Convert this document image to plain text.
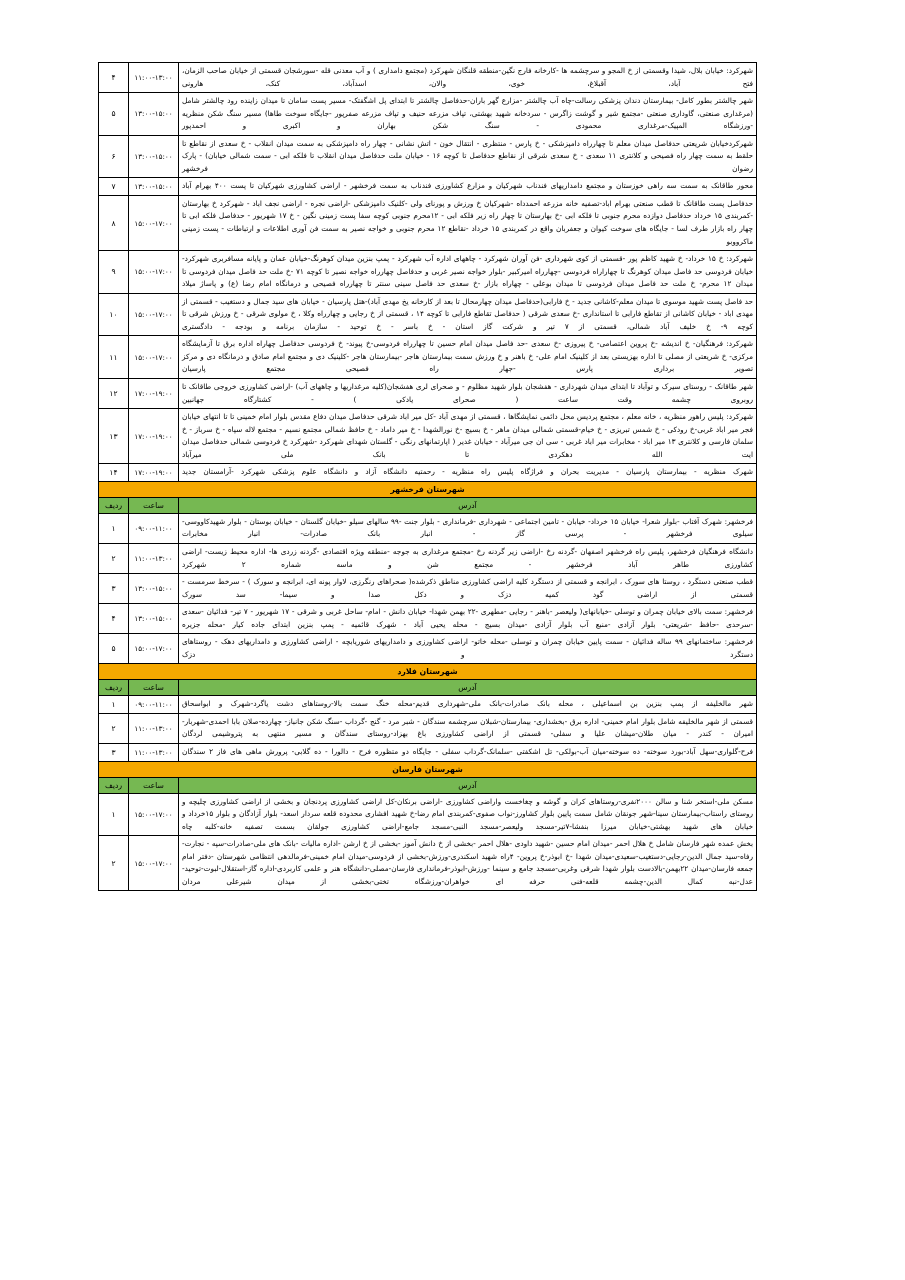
شهرکرد: خیابان بلال، شیدا وقسمتی از خ المجو و سرچشمه ها -کارخانه فارج نگین-منطقه قلنگان شهرکرد (مجتمع دامداری ) و آب معدنی قله -سورشجان قسمتی از خیابان صاحب الزمان، فتح آباد، آقبلاغ، خوی، والان، اسدآباد، کنک، هارونی	۱۱:۰۰-۱۳:۰۰	۴
شهر چالشتر بطور کامل- بیمارستان دندان پزشکی رسالت-چاه آب چالشتر -مزارع گهر باران-حدفاصل چالشتر تا ابتدای پل اشگفتک- مسیر پست سامان تا میدان زاینده رود چالشتر شامل (مرغداری صنعتی، گاوداری صنعتی -مجتمع شیر و گوشت زاگرس - سردخانه شهید بهشتی، تپاف مزرعه حنیف و تپاف مزرعه صفرپور -جایگاه سوخت طاها) مسیر سنگ شکن منظریه -ورزشگاه المپیک-مرغداری محمودی - سنگ شکن بهاران و اکبری و احمدپور	۱۳:۰۰-۱۵:۰۰	۵
شهرکردخیابان شریعتی حدفاصل میدان معلم تا چهارراه دامپزشکی - خ پارس - منتظری - انتقال خون - اتش نشانی - چهار راه دامپزشکی به سمت میدان انقلاب - خ سعدی از نقاطع تا حلقط به سمت چهار راه فصیحی و کلانتری ۱۱ سعدی - خ سعدی شرقی از نقاطع حدفاصل تا کوچه ۱۶ - خیابان ملت حدفاصل میدان انقلاب تا فلکه ابی - سمت شمالی خیابان) - پارک رضوان فرخشهر	۱۳:۰۰-۱۵:۰۰	۶
محور طاقانک به سمت سه راهی خوزستان و مجتمع دامداریهای فندناب شهرکیان و مزارع کشاورزی فندناب به سمت فرخشهر - اراضی کشاورزی شهرکیان تا پست ۴۰۰ بهرام آباد	۱۳:۰۰-۱۵:۰۰	۷
حدفاصل پست طاقانک تا قطب صنعتی بهرام اباد-تصفیه خانه مزرعه احمدداه -شهرکیان خ ورزش و پورنای ولی -کلنیک دامپزشکی -اراضی نجره - اراضی نجف اباد - شهرکرد خ بهارستان -کمربندی ۱۵ خرداد حدفاصل دوازده محرم جنوبی تا فلکه ابی -خ بهارستان تا چهار راه زیر فلکه ابی - ۱۲محرم جنوبی کوچه سفا پست زمینی نگین - خ ۱۷ شهریور - حدفاصل فلکه ابی تا چهار راه بازار طرف لسا - جایگاه های سوخت کیوان و جعفربان واقع در کمربندی ۱۵ خرداد -نقاطع ۱۲ محرم جنوبی و خواجه نصیر به سمت فن آوری اطلاعات و ارتباطات - پست زمینی ماکرووبو	۱۵:۰۰-۱۷:۰۰	۸
شهرکرد: خ ۱۵ خرداد- خ شهید کاظم پور -قسمتی از کوی شهرداری -فن آوران شهرکرد - چاههای اداره آب شهرکرد - پمپ بنزین میدان کوهرنگ-خیابان عمان و پایانه مسافربری شهرکرد- خیابان فردوسی حد فاصل میدان کوهرنگ تا چهاراراه فردوسی -چهارراه امیرکبیر -بلوار خواجه نصیر غربی و حدفاصل چهارراه خواجه نصیر تا کوچه ۷۱ -خ ملت حد فاصل میدان فردوسی تا میدان ۱۲ محرم- خ ملت حد فاصل میدان فردوسی تا میدان بوعلی - چهاراه بازار -خ سعدی حد فاصل سینی سنتر تا چهارراه فصیحی و درمانگاه امام رضا (ع) و پاساژ میلاد	۱۵:۰۰-۱۷:۰۰	۹
حد فاصل پست شهید موسوی تا میدان معلم-کاشانی جدید - خ فارابی(حدفاصل میدان چهارمحال تا بعد از کارخانه یخ مهدی آباد)-هتل پارسیان - خیابان های سید جمال و دستغیب - قسمتی از مهدی اباد - خیابان کاشانی از تقاطع فارابی تا استانداری -خ سعدی شرقی ( حدفاصل تقاطع فارابی تا کوچه ۱۴ ، قسمتی از خ رجایی و چهارراه وکلا ، خ مولوی شرقی - خ ورزش شرقی تا کوچه ۹- خ خلیف آباد شمالی، قسمتی از ۷ تیر و شرکت گاز استان - خ باسر - خ توحید - سازمان برنامه و بودجه - دادگستری	۱۵:۰۰-۱۷:۰۰	۱۰
شهرکرد: فرهنگیان- خ اندیشه -خ پروین اعتصامی- خ پیروزی -خ سعدی -حد فاصل میدان امام حسین تا چهارراه فردوسی-خ پیوند- خ فردوسی حدفاصل چهاراه اداره برق تا آزمایشگاه مرکزی- خ شریعتی از مصلی تا اداره بهزیستی بعد از کلینیک امام علی- خ باهنر و خ ورزش سمت بیمارستان هاجر -بیمارستان هاجر -کلینیک دی و مجتمع امام صادق و درمانگاه دی و مرکز تصویر برداری پارس -جهار راه فصیحی مجتمع پارسیان	۱۵:۰۰-۱۷:۰۰	۱۱
شهر طاقانک - روستای سیرک و توآباد تا ابتدای میدان شهرداری - هفشجان بلوار شهید مظلوم - و صحرای لری هفشجان(کلیه مرغداریها و چاههای آب) -اراضی کشاورزی خروجی طاقانک تا روبروی چشمه وقت ساعت ( صحرای یادکی ) - کشتارگاه جهانبین	۱۷:۰۰-۱۹:۰۰	۱۲
شهرکرد: پلیس راهور منظریه ، خانه معلم ، مجتمع پردیس محل دائمی نمایشگاها ، قسمتی از مهدی آباد -کل میر اباد شرقی حدفاصل میدان دفاع مقدس بلوار امام خمینی تا تا انتهای خیابان فجر میر اباد غربی-خ رودکی - خ شمس تبریزی - خ خیام-قسمتی شمالی میدان ماهر - خ بسیج -خ نورالشهدا - خ میر داماد - خ حافظ شمالی مجتمع نسیم - مجتمع لاله سپاه - خ سرباز - خ سلمان فارسی و کلانتری ۱۳ میر اباد - مخابرات میر اباد غربی - سی ان جی میرآباد - خیابان غدیر ( اپارتمانهای رنگی - گلستان شهدای شهرکرد -شهرکرد خ فردوسی شمالی حدفاصل میدان ایت الله دهکردی تا بانک ملی میرآباد	۱۷:۰۰-۱۹:۰۰	۱۳
شهرک منظریه - بیمارستان پارسیان - مدیریت بحران و فراژگاه پلیس راه منظریه - رحمتیه دانشگاه آزاد و دانشگاه علوم پزشکی شهرکرد -آرامستان جدید	۱۷:۰۰-۱۹:۰۰	۱۴
شهرستان فرخشهر		
آدرس	ساعت	ردیف
فرخشهر: شهرک آفتاب -بلوار شعرا- خیابان ۱۵ خرداد- خیابان - تامین اجتماعی - شهرداری -فرمانداری - بلوار جنت -۹۹ سالهای سیلو -خیابان گلستان - خیابان بوستان - بلوار شهیدکاووسی- سیلوی فرخشهر - پرسی گاز - انبار بانک صادرات- انبار مخابرات	۰۹:۰۰-۱۱:۰۰	۱
دانشگاه فرهنگیان فرخشهر، پلیس راه فرخشهر اصفهان -گردنه رخ -اراضی زیر گردنه رخ -مجتمع مرغداری به جوجه -منطقه ویژه اقتصادی -گردنه زردی ها- اداره محیط زیست- اراضی کشاورزی طاهر آباد فرخشهر - مجتمع شن و ماسه شماره ۲ شهرکرد	۱۱:۰۰-۱۳:۰۰	۲
قطب صنعتی دستگرد ، روستا های سورک ، ابرانجه و قسمتی از دستگرد کلیه اراضی کشاورزی مناطق ذکرشده( صحراهای رنگرزی، لاوار پونه ای، ابرانجه و سورک ) - سرخط سرمست - قسمتی از اراضی گود کمیه دزک و دکل صدا و سیما- سد سورک	۱۳:۰۰-۱۵:۰۰	۳
فرخشهر: سمت بالای خیابان چمران و توسلی -خیابانهای( ولیعصر -باهنر - رجایی -مطهری -۲۲ بهمن شهدا- خیابان دانش - امام- ساحل غربی و شرقی - ۱۷ شهریور - ۷ تیر- فدائیان -سعدی -سرحدی -حافظ -شریعتی- بلوار آزادی -منبع آب بلوار آزادی -میدان بسیج - محله یحیی آباد - شهرک قائمیه - پمپ بنزین ابتدای جاده کیار -محله جزیره	۱۳:۰۰-۱۵:۰۰	۴
فرخشهر: ساختمانهای ۹۹ ساله فدائیان - سمت پایین خیابان چمران و توسلی -محله خاتو- اراضی کشاورزی و دامداریهای شوریابچه - اراضی کشاورزی و دامداریهای دهک - روستاهای دستگرد و دزک	۱۵:۰۰-۱۷:۰۰	۵
شهرستان فلارد		
آدرس	ساعت	ردیف
شهر مالخلیفه از پمپ بنزین بن اسماعیلی ، محله بانک صادرات-بانک ملی-شهرداری قدیم-محله خنگ سمت بالا-روستاهای دشت یاگرد-شهرک و ابواسحاق	۰۹:۰۰-۱۱:۰۰	۱
قسمتی از شهر مالخلیفه شامل بلوار امام خمینی- اداره برق -بخشداری- بیمارستان-شبلان سرچشمه سندگان - شبر مرد - گنج -گرداب -سنگ شکن جانباز- چهارده-صلان بابا احمدی-شهربار-امیران - کندر - میان طلان-میشان علیا و سفلی- قسمتی از اراضی کشاورزی باغ بهزاد-روستای سندگان و مسیر منتهی به پتروشیمی لردگان	۱۱:۰۰-۱۳:۰۰	۲
فرح-گلواری-سهل آباد-بورد سوخته- ده سوخته-میان آب-بولکی- تل اشکفتی -سلمانک-گرداب سفلی - جایگاه دو متظوره فرح - دالورا - ده گلابی- پرورش ماهی های فاز ۲ سندگان	۱۱:۰۰-۱۳:۰۰	۳
شهرستان فارسان		
آدرس	ساعت	ردیف
مسکن ملی-استخر شنا و سالن ۲۰۰۰نفری-روستاهای کران و گوشه و چغاخست واراضی کشاورزی -اراضی برنکان-کل اراضی کشاورزی پردنجان و بخشی از اراضی کشاورزی چلیچه و روستای راستاب-بیمارستان سینا-شهر جونقان شامل سمت پایین بلوار کشاورز-نواب صفوی-کمربندی امام رضا-خ شهید افشاری محدوده قلعه سردار اسعد- بلوار آزادگان و بلوار ۱۵خرداد و خیابان های شهید بهشتی-خیابان میرزا بنفشا-۷تیر-مسجد ولیعصر-مسجد النبی-مسجد جامع-اراضی کشاورزی جولقان بسمت تصفیه خانه-کلبه چاه	۱۵:۰۰-۱۷:۰۰	۱
بخش عمده شهر فارسان شامل خ هلال احمر -میدان امام حسین -شهید داودی -هلال احمر -بخشی از خ دانش آموز -بخشی از خ ارشن -اداره مالیات -بانک های ملی-صادرات-سپه - نجارت-رفاه-سید جمال الدین-رجایی-دستغیب-سعیدی-میدان شهدا -خ ابوذر-خ پروین- ۴راه شهید اسکندری-ورزش-بخشی از فردوسی-میدان امام خمینی-فرمالدهی انتظامی شهرستان -دفتر امام جمعه فارسان-میدان ۲۲بهمن-بالادست بلوار شهدا شرقی وغربی-مسجد جامع و سینما -ورزش-ابوذر-فرمانداری فارسان-مصلی-دانشگاه هنر و علمی کاربردی-اداره گاز-استقلال-لبوت-توحید-عدل-نبه کمال الدین-چشمه قلعه-فنی حرفه ای خواهران-ورزشگاه تختی-بخشی از میدان شیرعلی مردان	۱۵:۰۰-۱۷:۰۰	۲
